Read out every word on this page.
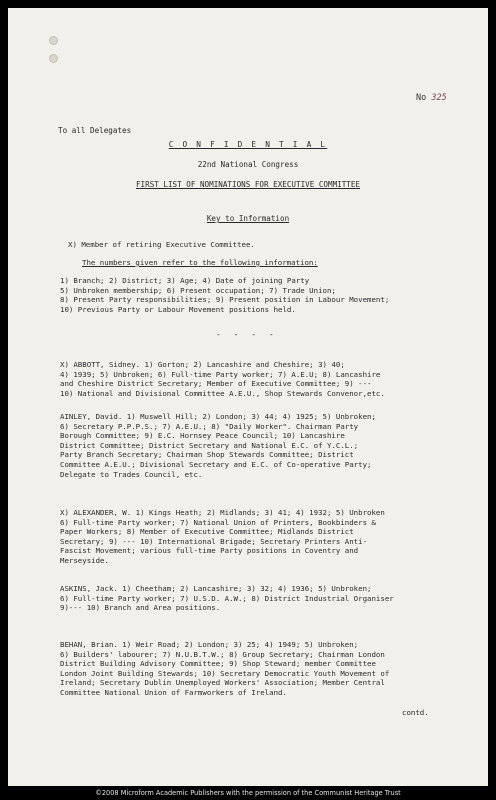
No 325
To all Delegates
C O N F I D E N T I A L
22nd National Congress
FIRST LIST OF NOMINATIONS FOR EXECUTIVE COMMITTEE
Key to Information
X) Member of retiring Executive Committee.
The numbers given refer to the following information:
1) Branch; 2) District; 3) Age; 4) Date of joining Party
5) Unbroken membership; 6) Present occupation; 7) Trade Union;
8) Present Party responsibilities; 9) Present position in Labour Movement;
10) Previous Party or Labour Movement positions held.
- - - -
X) ABBOTT, Sidney. 1) Gorton; 2) Lancashire and Cheshire; 3) 40;
4) 1939; 5) Unbroken; 6) Full-time Party worker; 7) A.E.U; 8) Lancashire
and Cheshire District Secretary; Member of Executive Committee; 9) ---
10) National and Divisional Committee A.E.U., Shop Stewards Convenor,etc.
AINLEY, David. 1) Muswell Hill; 2) London; 3) 44; 4) 1925; 5) Unbroken;
6) Secretary P.P.P.S.; 7) A.E.U.; 8) "Daily Worker". Chairman Party
Borough Committee; 9) E.C. Hornsey Peace Council; 10) Lancashire
District Committee; District Secretary and National E.C. of Y.C.L.;
Party Branch Secretary; Chairman Shop Stewards Committee; District
Committee A.E.U.; Divisional Secretary and E.C. of Co-operative Party;
Delegate to Trades Council, etc.
X) ALEXANDER, W. 1) Kings Heath; 2) Midlands; 3) 41; 4) 1932; 5) Unbroken
6) Full-time Party worker; 7) National Union of Printers, Bookbinders &
Paper Workers; 8) Member of Executive Committee; Midlands District
Secretary; 9) --- 10) International Brigade; Secretary Printers Anti-
Fascist Movement; various full-time Party positions in Coventry and
Merseyside.
ASKINS, Jack. 1) Cheetham; 2) Lancashire; 3) 32; 4) 1936; 5) Unbroken;
6) Full-time Party worker; 7) U.S.D. A.W.; 8) District Industrial Organiser
9)--- 10) Branch and Area positions.
BEHAN, Brian. 1) Weir Road; 2) London; 3) 25; 4) 1949; 5) Unbroken;
6) Builders' labourer; 7) N.U.B.T.W.; 8) Group Secretary; Chairman London
District Building Advisory Committee; 9) Shop Steward; member Committee
London Joint Building Stewards; 10) Secretary Democratic Youth Movement of
Ireland; Secretary Dublin Unemployed Workers' Association; Member Central
Committee National Union of Farmworkers of Ireland.
contd.
©2008 Microform Academic Publishers with the permission of the Communist Heritage Trust
